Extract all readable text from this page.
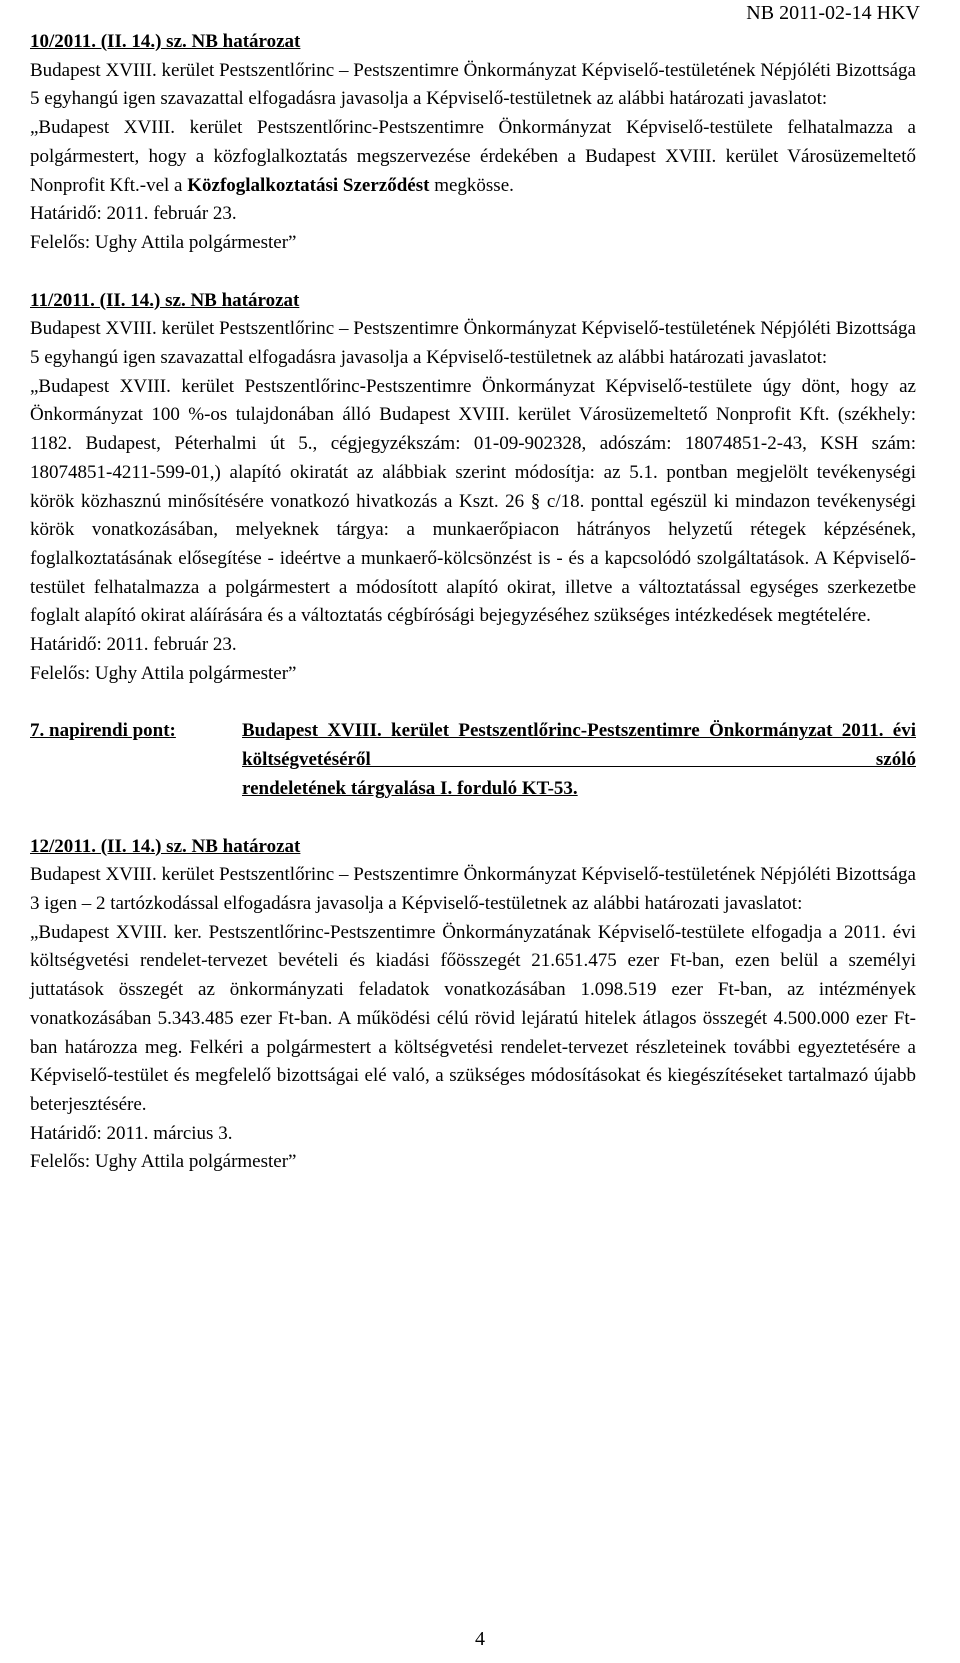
NB 2011-02-14 HKV

10/2011. (II. 14.) sz. NB határozat

Budapest XVIII. kerület Pestszentlőrinc – Pestszentimre Önkormányzat Képviselő-testületének Népjóléti Bizottsága 5 egyhangú igen szavazattal elfogadásra javasolja a Képviselő-testületnek az alábbi határozati javaslatot:

„Budapest XVIII. kerület Pestszentlőrinc-Pestszentimre Önkormányzat Képviselő-testülete felhatalmazza a polgármestert, hogy a közfoglalkoztatás megszervezése érdekében a Budapest XVIII. kerület Városüzemeltető Nonprofit Kft.-vel a Közfoglalkoztatási Szerződést megkösse.

Határidő: 2011. február 23.

Felelős: Ughy Attila polgármester”

11/2011. (II. 14.) sz. NB határozat

Budapest XVIII. kerület Pestszentlőrinc – Pestszentimre Önkormányzat Képviselő-testületének Népjóléti Bizottsága 5 egyhangú igen szavazattal elfogadásra javasolja a Képviselő-testületnek az alábbi határozati javaslatot:

„Budapest XVIII. kerület Pestszentlőrinc-Pestszentimre Önkormányzat Képviselő-testülete úgy dönt, hogy az Önkormányzat 100 %-os tulajdonában álló Budapest XVIII. kerület Városüzemeltető Nonprofit Kft. (székhely: 1182. Budapest, Péterhalmi út 5., cégjegyzékszám: 01-09-902328, adószám: 18074851-2-43, KSH szám: 18074851-4211-599-01,) alapító okiratát az alábbiak szerint módosítja: az 5.1. pontban megjelölt tevékenységi körök közhasznú minősítésére vonatkozó hivatkozás a Kszt. 26 § c/18. ponttal egészül ki mindazon tevékenységi körök vonatkozásában, melyeknek tárgya: a munkaerőpiacon hátrányos helyzetű rétegek képzésének, foglalkoztatásának elősegítése - ideértve a munkaerő-kölcsönzést is - és a kapcsolódó szolgáltatások. A Képviselő-testület felhatalmazza a polgármestert a módosított alapító okirat, illetve a változtatással egységes szerkezetbe foglalt alapító okirat aláírására és a változtatás cégbírósági bejegyzéséhez szükséges intézkedések megtételére.

Határidő: 2011. február 23.

Felelős: Ughy Attila polgármester”

7. napirendi pont:	Budapest XVIII. kerület Pestszentlőrinc-Pestszentimre Önkormányzat 2011. évi költségvetéséről szóló
rendeletének tárgyalása I. forduló KT-53.

12/2011. (II. 14.) sz. NB határozat

Budapest XVIII. kerület Pestszentlőrinc – Pestszentimre Önkormányzat Képviselő-testületének Népjóléti Bizottsága 3 igen – 2 tartózkodással elfogadásra javasolja a Képviselő-testületnek az alábbi határozati javaslatot:

„Budapest XVIII. ker. Pestszentlőrinc-Pestszentimre Önkormányzatának Képviselő-testülete elfogadja a 2011. évi költségvetési rendelet-tervezet bevételi és kiadási főösszegét 21.651.475 ezer Ft-ban, ezen belül a személyi juttatások összegét az önkormányzati feladatok vonatkozásában 1.098.519 ezer Ft-ban, az intézmények vonatkozásában 5.343.485 ezer Ft-ban. A működési célú rövid lejáratú hitelek átlagos összegét 4.500.000 ezer Ft-ban határozza meg. Felkéri a polgármestert a költségvetési rendelet-tervezet részleteinek további egyeztetésére a Képviselő-testület és megfelelő bizottságai elé való, a szükséges módosításokat és kiegészítéseket tartalmazó újabb beterjesztésére.

Határidő: 2011. március 3.

Felelős: Ughy Attila polgármester”

4
